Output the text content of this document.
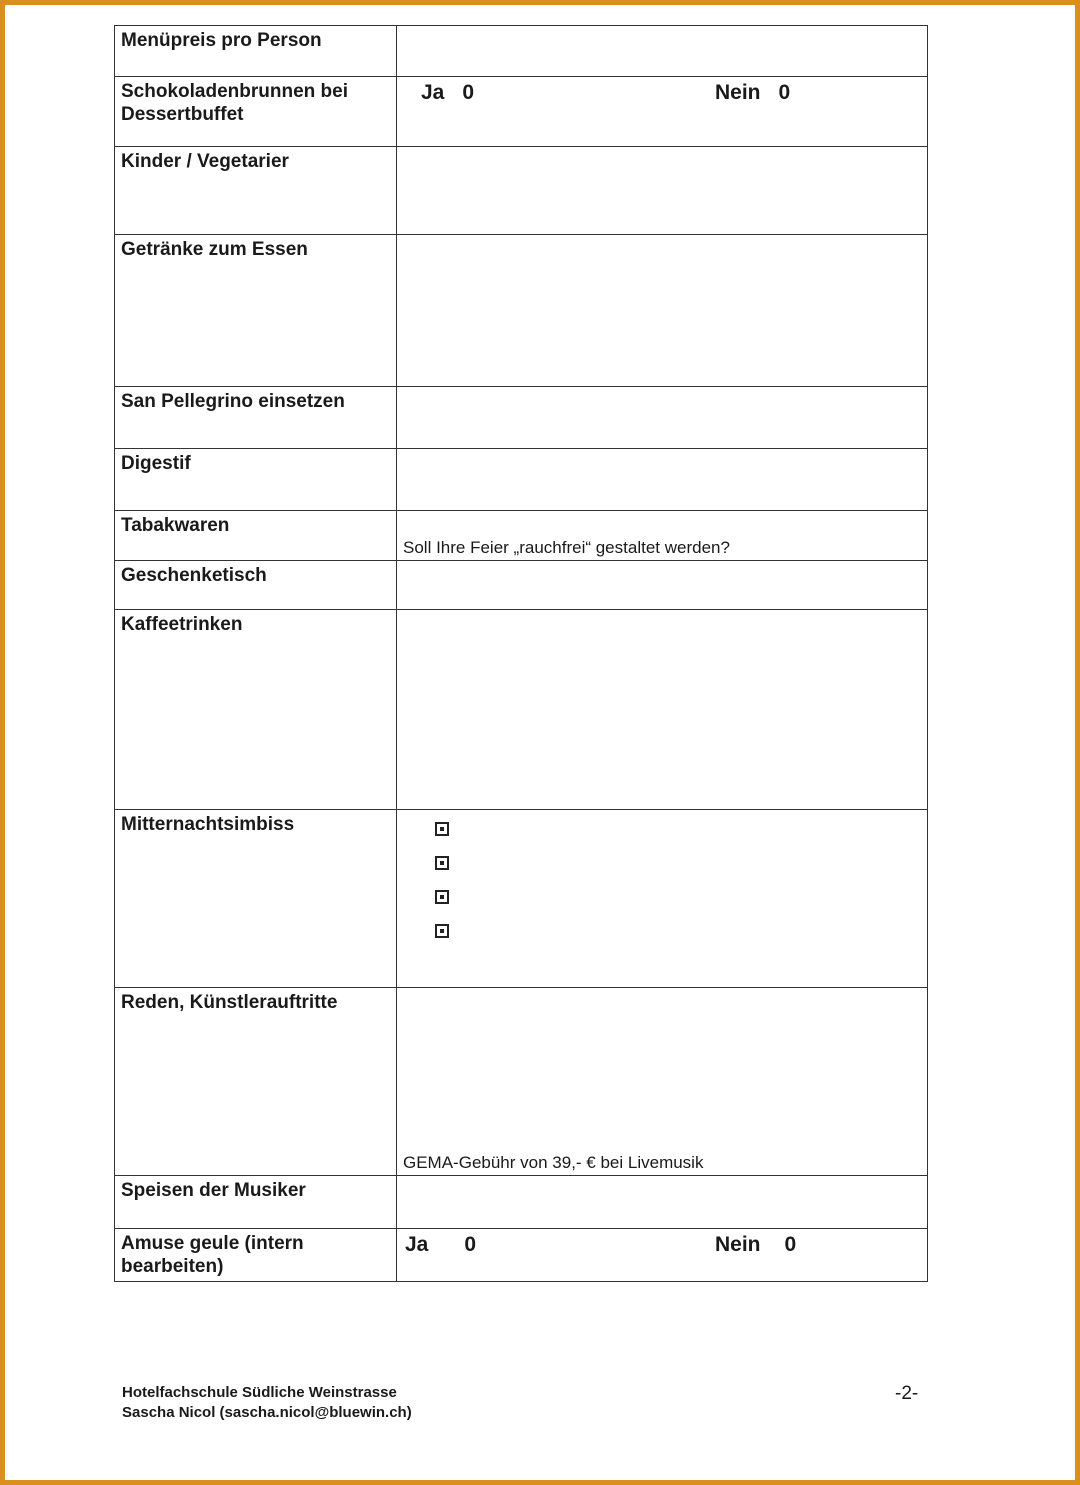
Menüpreis pro Person	

Schokoladenbrunnen bei Dessertbuffet	Ja 0 Nein 0

Kinder / Vegetarier	

Getränke zum Essen	

San Pellegrino einsetzen	

Digestif	

Tabakwaren	Soll Ihre Feier „rauchfrei“ gestaltet werden?

Geschenketisch	

Kaffeetrinken	

Mitternachtsimbiss	

Reden, Künstlerauftritte	GEMA-Gebühr von 39,- € bei Livemusik

Speisen der Musiker	

Amuse geule (intern bearbeiten)	Ja 0 Nein 0
Hotelfachschule Südliche Weinstrasse
Sascha Nicol (sascha.nicol@bluewin.ch)
-2-
